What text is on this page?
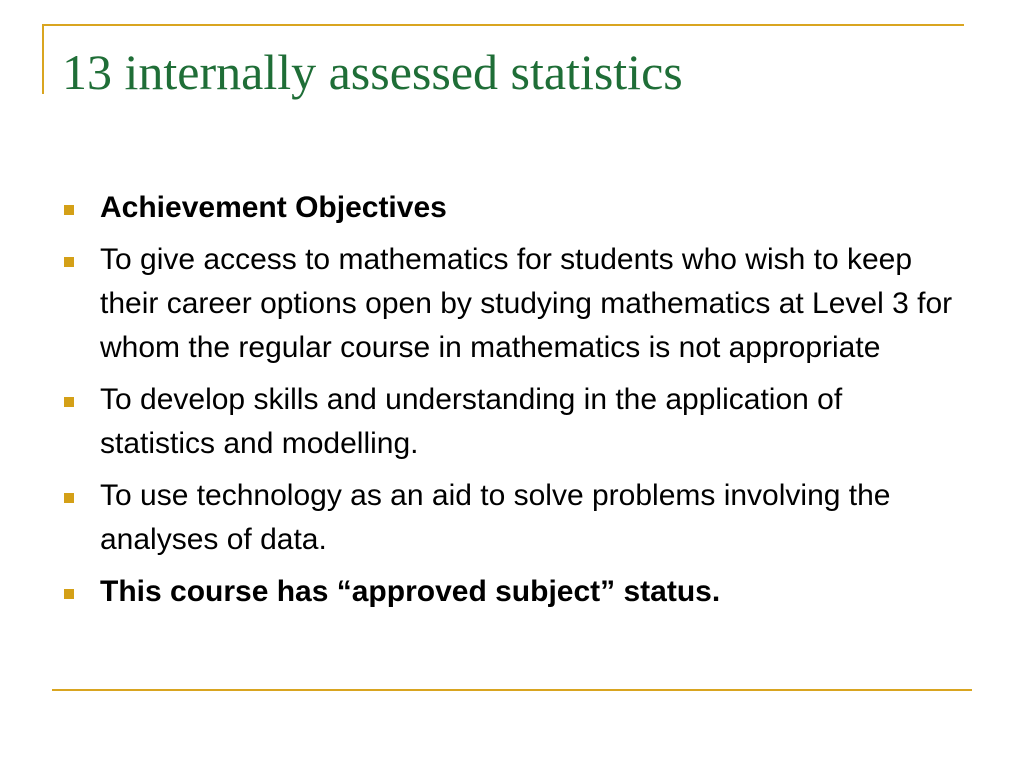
13 internally assessed statistics
Achievement Objectives
To give access to mathematics for students who wish to keep their career options open by studying mathematics at Level 3 for whom the regular course in mathematics is not appropriate
To develop skills and understanding in the application of statistics and modelling.
To use technology as an aid to solve problems involving the analyses of data.
This course has “approved subject” status.
